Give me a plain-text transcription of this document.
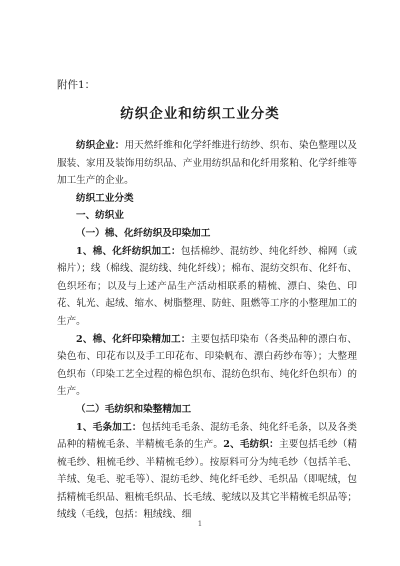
附件1：
纺织企业和纺织工业分类

纺织企业：用天然纤维和化学纤维进行纺纱、织布、染色整理以及服装、家用及装饰用纺织品、产业用纺织品和化纤用浆粕、化学纤维等加工生产的企业。

纺织工业分类

一、纺织业

（一）棉、化纤纺织及印染加工

1、棉、化纤纺织加工：包括棉纱、混纺纱、纯化纤纱、棉网（或棉片）；线（棉线、混纺线、纯化纤线）；棉布、混纺交织布、化纤布、色织坯布；以及与上述产品生产活动相联系的精梳、漂白、染色、印花、轧光、起绒、缩水、树脂整理、防蛀、阻燃等工序的小整理加工的生产。

2、棉、化纤印染精加工：主要包括印染布（各类品种的漂白布、染色布、印花布以及手工印花布、印染帆布、漂白药纱布等）；大整理色织布（印染工艺全过程的棉色织布、混纺色织布、纯化纤色织布）的生产。

（二）毛纺织和染整精加工

1、毛条加工：包括纯毛毛条、混纺毛条、纯化纤毛条，以及各类品种的精梳毛条、半精梳毛条的生产。2、毛纺织：主要包括毛纱（精梳毛纱、粗梳毛纱、半精梳毛纱）。按原料可分为纯毛纱（包括羊毛、羊绒、兔毛、驼毛等）、混纺毛纱、纯化纤毛纱、毛织品（即呢绒，包括精梳毛织品、粗梳毛织品、长毛绒、驼绒以及其它半精梳毛织品等；绒线（毛线，包括：粗绒线、细

1
